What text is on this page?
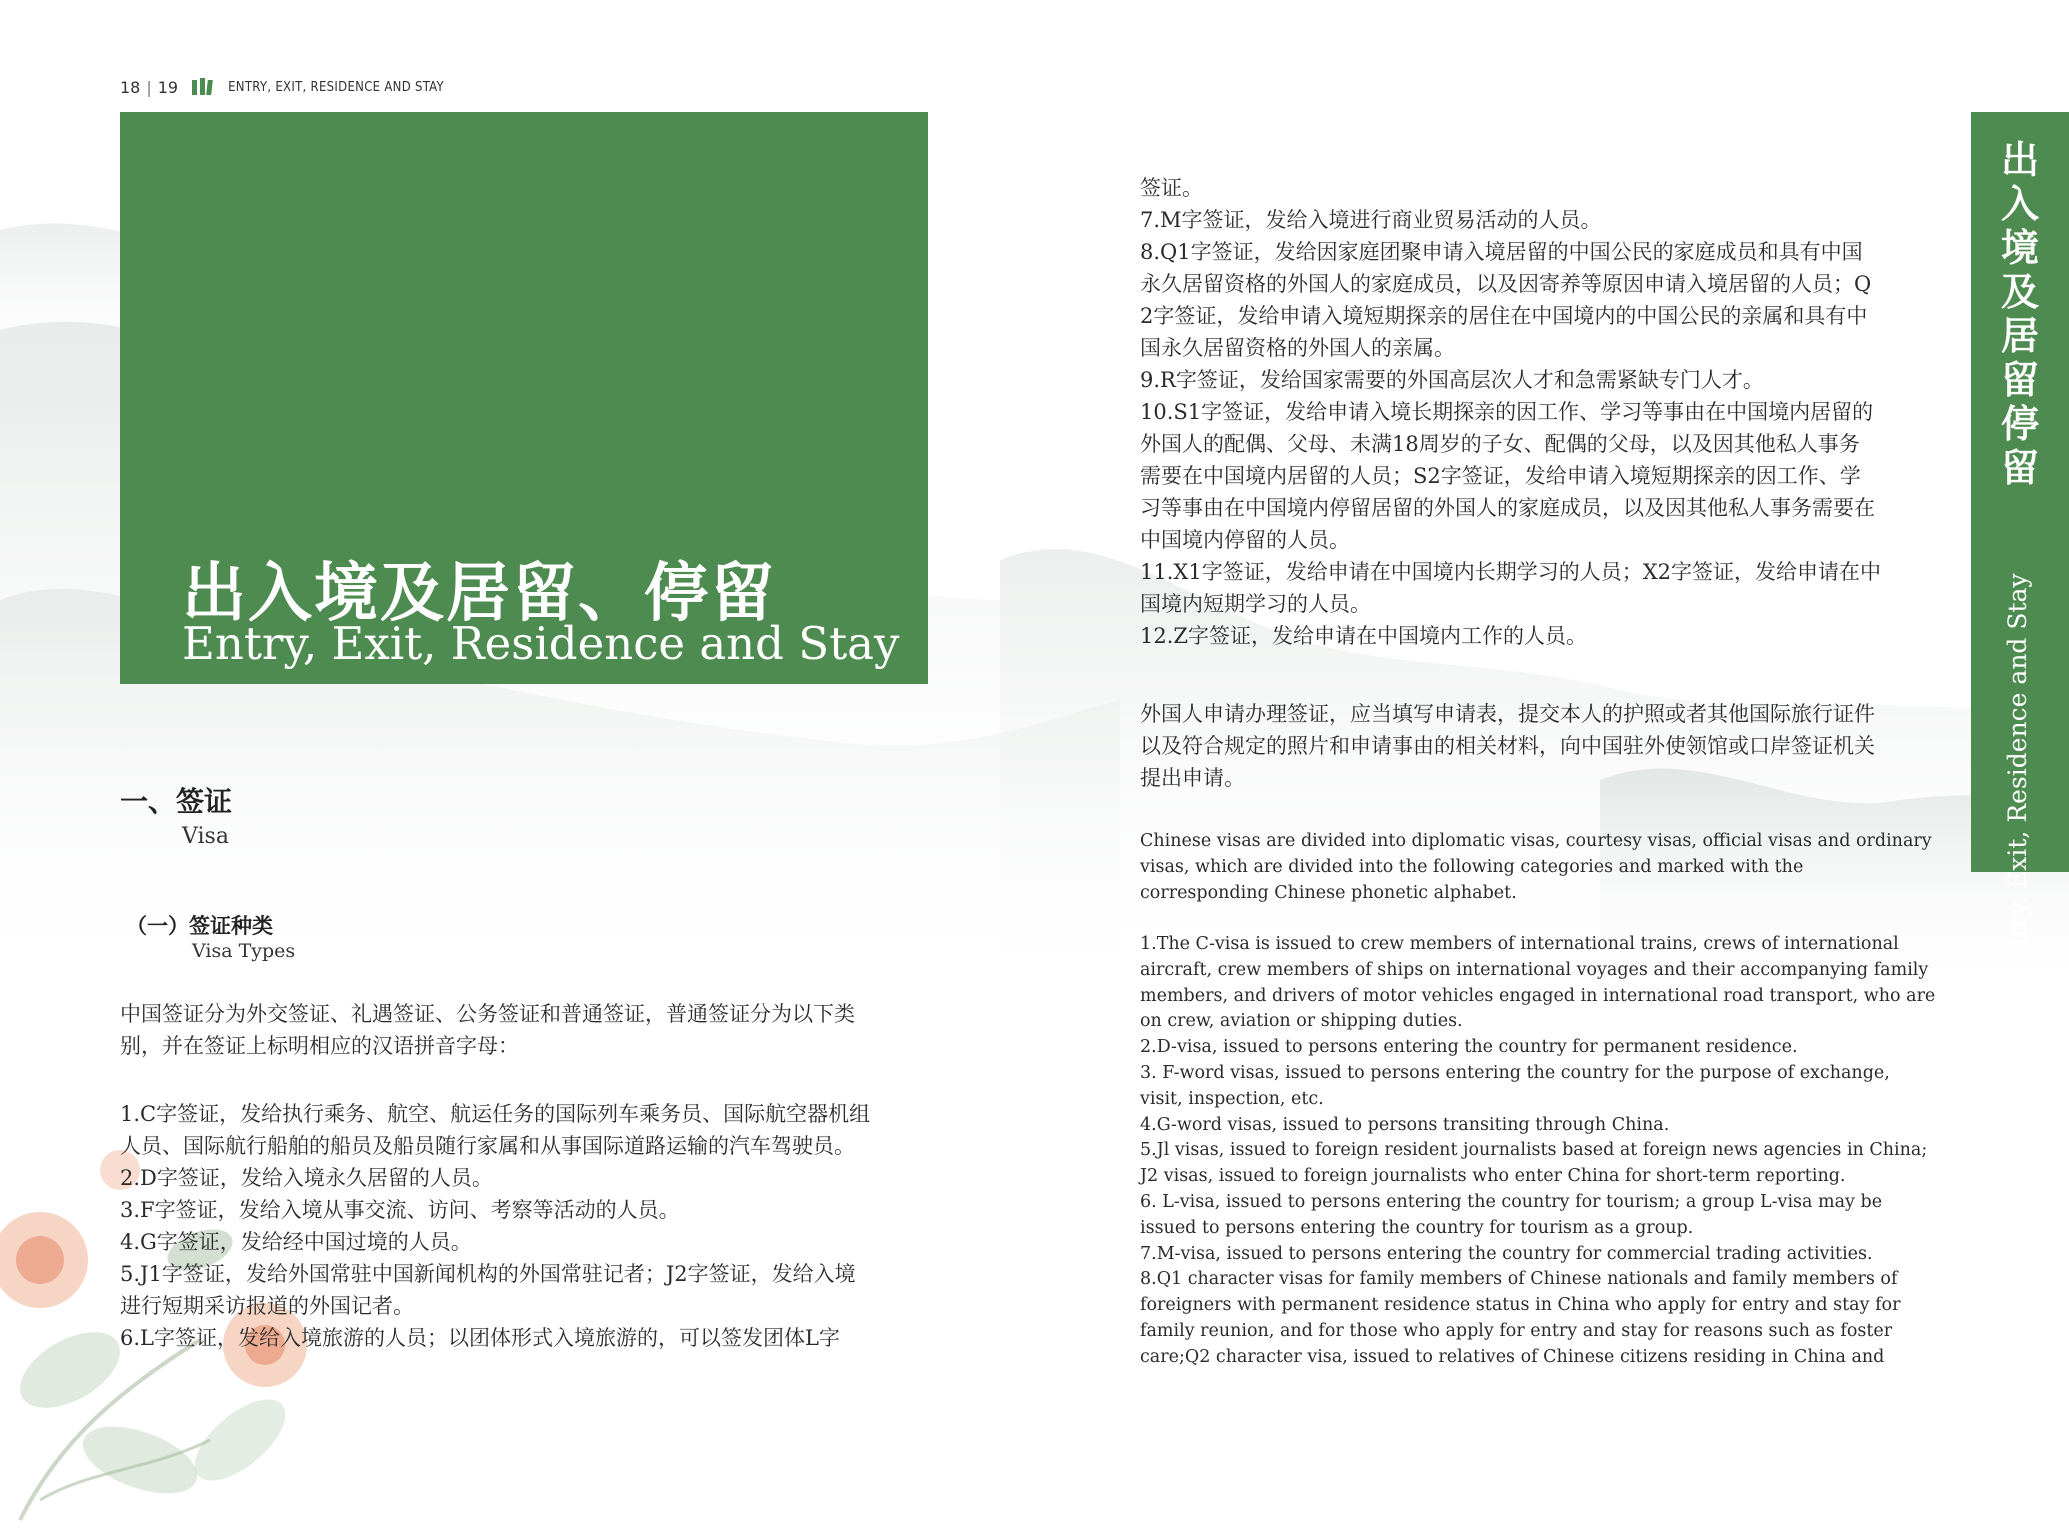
18 | 19	ENTRY, EXIT, RESIDENCE AND STAY
出入境及居留、停留
Entry, Exit, Residence and Stay
出
入
境
及
居
留
停
留
Entry, Exit, Residence and Stay
一、签证
Visa
（一）签证种类
Visa Types

中国签证分为外交签证、礼遇签证、公务签证和普通签证，普通签证分为以下类

别，并在签证上标明相应的汉语拼音字母：

1.C字签证，发给执行乘务、航空、航运任务的国际列车乘务员、国际航空器机组

人员、国际航行船舶的船员及船员随行家属和从事国际道路运输的汽车驾驶员。

2.D字签证，发给入境永久居留的人员。

3.F字签证，发给入境从事交流、访问、考察等活动的人员。

4.G字签证，发给经中国过境的人员。

5.J1字签证，发给外国常驻中国新闻机构的外国常驻记者；J2字签证，发给入境

进行短期采访报道的外国记者。

6.L字签证，发给入境旅游的人员；以团体形式入境旅游的，可以签发团体L字

签证。

7.M字签证，发给入境进行商业贸易活动的人员。

8.Q1字签证，发给因家庭团聚申请入境居留的中国公民的家庭成员和具有中国

永久居留资格的外国人的家庭成员，以及因寄养等原因申请入境居留的人员；Q

2字签证，发给申请入境短期探亲的居住在中国境内的中国公民的亲属和具有中

国永久居留资格的外国人的亲属。

9.R字签证，发给国家需要的外国高层次人才和急需紧缺专门人才。

10.S1字签证，发给申请入境长期探亲的因工作、学习等事由在中国境内居留的

外国人的配偶、父母、未满18周岁的子女、配偶的父母，以及因其他私人事务

需要在中国境内居留的人员；S2字签证，发给申请入境短期探亲的因工作、学

习等事由在中国境内停留居留的外国人的家庭成员，以及因其他私人事务需要在

中国境内停留的人员。

11.X1字签证，发给申请在中国境内长期学习的人员；X2字签证，发给申请在中

国境内短期学习的人员。

12.Z字签证，发给申请在中国境内工作的人员。

外国人申请办理签证，应当填写申请表，提交本人的护照或者其他国际旅行证件

以及符合规定的照片和申请事由的相关材料，向中国驻外使领馆或口岸签证机关

提出申请。

Chinese visas are divided into diplomatic visas, courtesy visas, official visas and ordinary

visas, which are divided into the following categories and marked with the

corresponding Chinese phonetic alphabet.

1.The C-visa is issued to crew members of international trains, crews of international

aircraft, crew members of ships on international voyages and their accompanying family

members, and drivers of motor vehicles engaged in international road transport, who are

on crew, aviation or shipping duties.

2.D-visa, issued to persons entering the country for permanent residence.

3. F-word visas, issued to persons entering the country for the purpose of exchange,

visit, inspection, etc.

4.G-word visas, issued to persons transiting through China.

5.Jl visas, issued to foreign resident journalists based at foreign news agencies in China;

J2 visas, issued to foreign journalists who enter China for short-term reporting.

6. L-visa, issued to persons entering the country for tourism; a group L-visa may be

issued to persons entering the country for tourism as a group.

7.M-visa, issued to persons entering the country for commercial trading activities.

8.Q1 character visas for family members of Chinese nationals and family members of

foreigners with permanent residence status in China who apply for entry and stay for

family reunion, and for those who apply for entry and stay for reasons such as foster

care;Q2 character visa, issued to relatives of Chinese citizens residing in China and
